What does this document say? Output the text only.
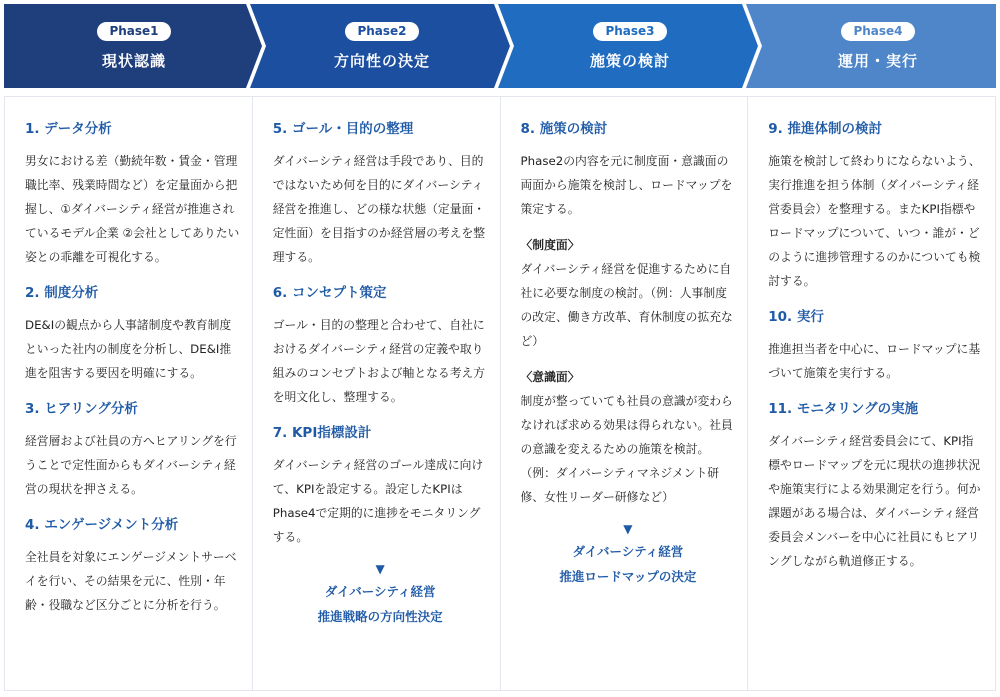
Phase1
現状認識
Phase2
方向性の決定
Phase3
施策の検討
Phase4
運用・実行
1. データ分析
男女における差（勤続年数・賃金・管理職比率、残業時間など）を定量面から把握し、①ダイバーシティ経営が推進されているモデル企業 ②会社としてありたい姿との乖離を可視化する。
2. 制度分析
DE&Iの観点から人事諸制度や教育制度といった社内の制度を分析し、DE&I推進を阻害する要因を明確にする。
3. ヒアリング分析
経営層および社員の方へヒアリングを行うことで定性面からもダイバーシティ経営の現状を押さえる。
4. エンゲージメント分析
全社員を対象にエンゲージメントサーベイを行い、その結果を元に、性別・年齢・役職など区分ごとに分析を行う。
5. ゴール・目的の整理
ダイバーシティ経営は手段であり、目的ではないため何を目的にダイバーシティ経営を推進し、どの様な状態（定量面・定性面）を目指すのか経営層の考えを整理する。
6. コンセプト策定
ゴール・目的の整理と合わせて、自社におけるダイバーシティ経営の定義や取り組みのコンセプトおよび軸となる考え方を明文化し、整理する。
7. KPI指標設計
ダイバーシティ経営のゴール達成に向けて、KPIを設定する。設定したKPIはPhase4で定期的に進捗をモニタリングする。
▼
ダイバーシティ経営
推進戦略の方向性決定
8. 施策の検討
Phase2の内容を元に制度面・意識面の両面から施策を検討し、ロードマップを策定する。
〈制度面〉
ダイバーシティ経営を促進するために自社に必要な制度の検討。（例：人事制度の改定、働き方改革、育休制度の拡充など）
〈意識面〉
制度が整っていても社員の意識が変わらなければ求める効果は得られない。社員の意識を変えるための施策を検討。（例：ダイバーシティマネジメント研修、女性リーダー研修など）
▼
ダイバーシティ経営
推進ロードマップの決定
9. 推進体制の検討
施策を検討して終わりにならないよう、実行推進を担う体制（ダイバーシティ経営委員会）を整理する。またKPI指標やロードマップについて、いつ・誰が・どのように進捗管理するのかについても検討する。
10. 実行
推進担当者を中心に、ロードマップに基づいて施策を実行する。
11. モニタリングの実施
ダイバーシティ経営委員会にて、KPI指標やロードマップを元に現状の進捗状況や施策実行による効果測定を行う。何か課題がある場合は、ダイバーシティ経営委員会メンバーを中心に社員にもヒアリングしながら軌道修正する。
